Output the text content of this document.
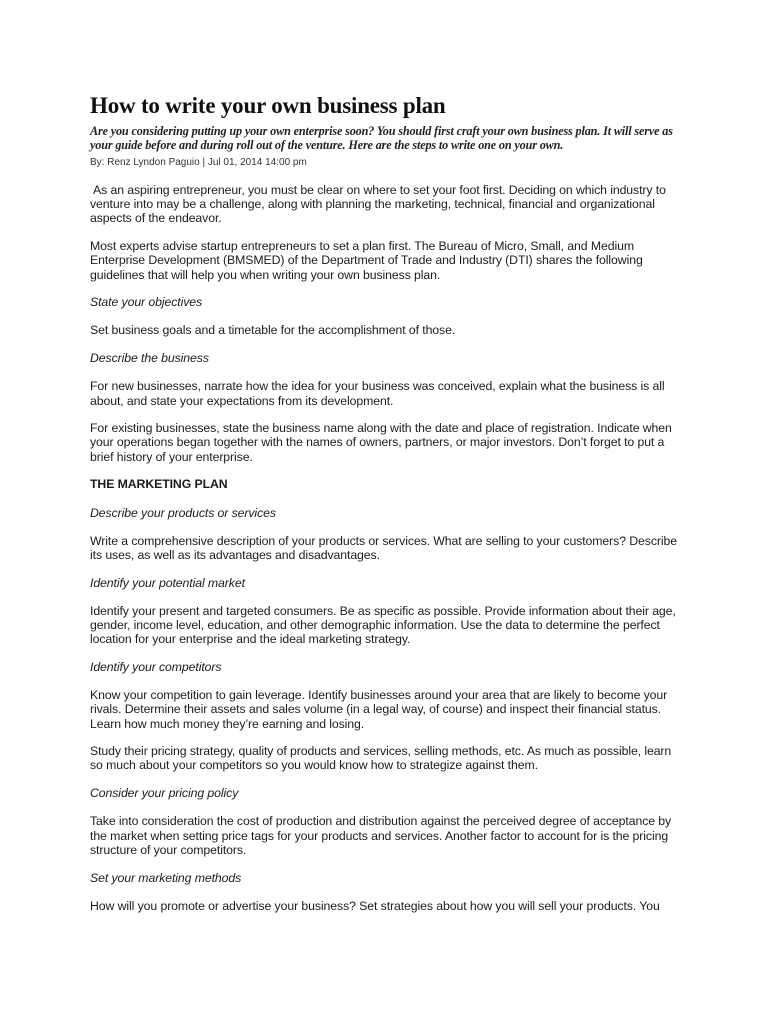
How to write your own business plan
Are you considering putting up your own enterprise soon? You should first craft your own business plan. It will serve as your guide before and during roll out of the venture. Here are the steps to write one on your own.
By: Renz Lyndon Paguio | Jul 01, 2014 14:00 pm

As an aspiring entrepreneur, you must be clear on where to set your foot first. Deciding on which industry to venture into may be a challenge, along with planning the marketing, technical, financial and organizational aspects of the endeavor.

Most experts advise startup entrepreneurs to set a plan first. The Bureau of Micro, Small, and Medium Enterprise Development (BMSMED) of the Department of Trade and Industry (DTI) shares the following guidelines that will help you when writing your own business plan.

State your objectives

Set business goals and a timetable for the accomplishment of those.

Describe the business

For new businesses, narrate how the idea for your business was conceived, explain what the business is all about, and state your expectations from its development.

For existing businesses, state the business name along with the date and place of registration. Indicate when your operations began together with the names of owners, partners, or major investors. Don’t forget to put a brief history of your enterprise.

THE MARKETING PLAN

Describe your products or services

Write a comprehensive description of your products or services. What are selling to your customers? Describe its uses, as well as its advantages and disadvantages.

Identify your potential market

Identify your present and targeted consumers. Be as specific as possible. Provide information about their age, gender, income level, education, and other demographic information. Use the data to determine the perfect location for your enterprise and the ideal marketing strategy.

Identify your competitors

Know your competition to gain leverage. Identify businesses around your area that are likely to become your rivals. Determine their assets and sales volume (in a legal way, of course) and inspect their financial status. Learn how much money they’re earning and losing.

Study their pricing strategy, quality of products and services, selling methods, etc. As much as possible, learn so much about your competitors so you would know how to strategize against them.

Consider your pricing policy

Take into consideration the cost of production and distribution against the perceived degree of acceptance by the market when setting price tags for your products and services. Another factor to account for is the pricing structure of your competitors.

Set your marketing methods

How will you promote or advertise your business? Set strategies about how you will sell your products. You
